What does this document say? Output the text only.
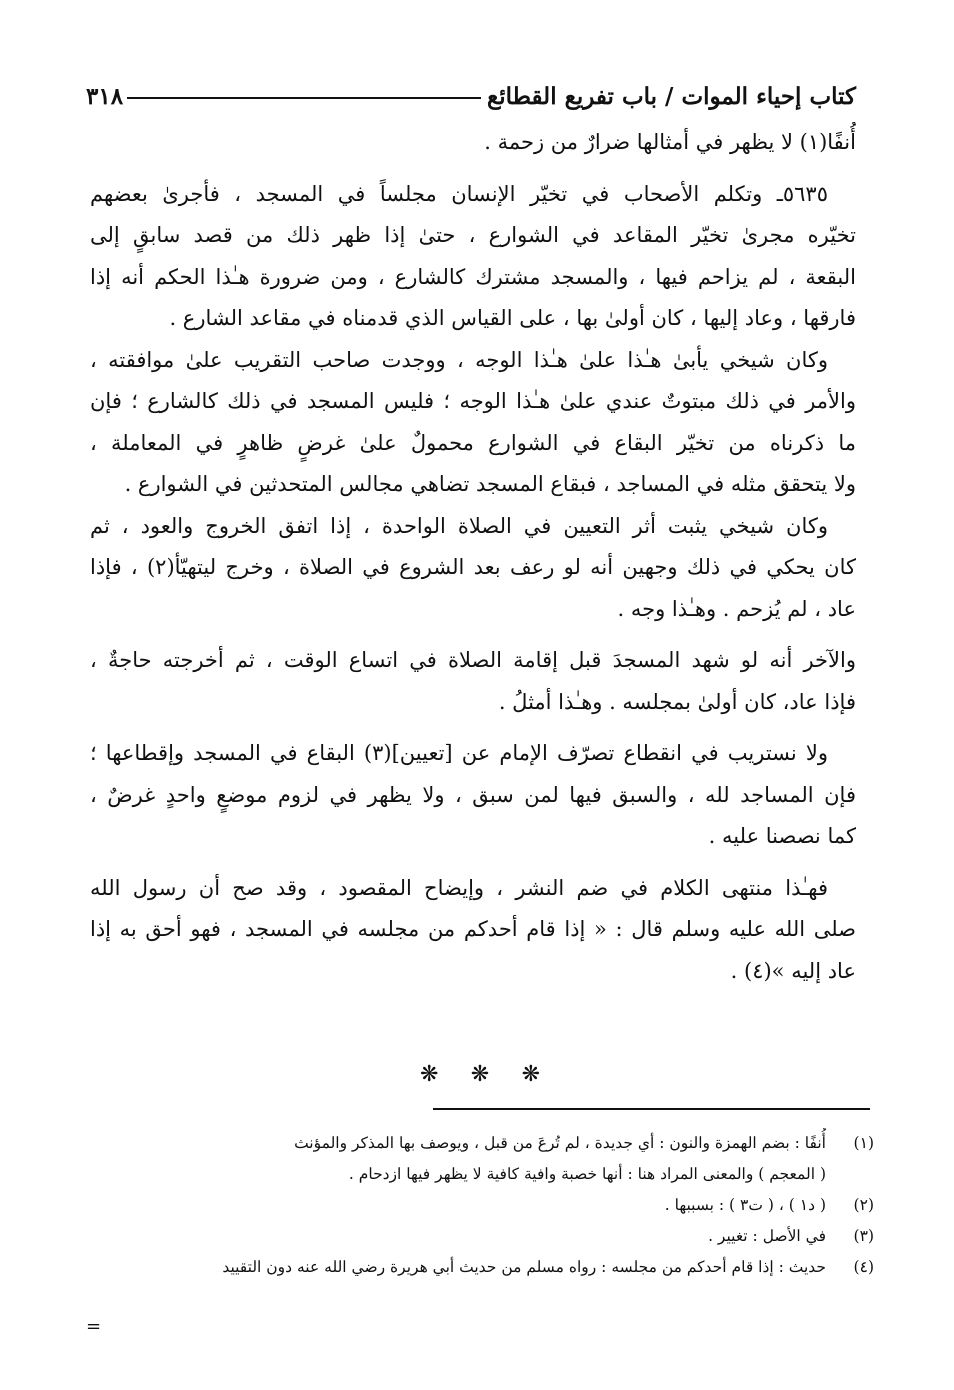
كتاب إحياء الموات / باب تفريع القطائع
٣١٨
أُنفًا(١) لا يظهر في أمثالها ضرارٌ من زحمة .
٥٦٣٥ـ وتكلم الأصحاب في تخيّر الإنسان مجلساً في المسجد ، فأجرىٰ بعضهم
تخيّره مجرىٰ تخيّر المقاعد في الشوارع ، حتىٰ إذا ظهر ذلك من قصد سابقٍ إلى
البقعة ، لم يزاحم فيها ، والمسجد مشترك كالشارع ، ومن ضرورة هـٰذا الحكم أنه إذا
فارقها ، وعاد إليها ، كان أولىٰ بها ، على القياس الذي قدمناه في مقاعد الشارع .
وكان شيخي يأبىٰ هـٰذا علىٰ هـٰذا الوجه ، ووجدت صاحب التقريب علىٰ موافقته ،
والأمر في ذلك مبتوتٌ عندي علىٰ هـٰذا الوجه ؛ فليس المسجد في ذلك كالشارع ؛ فإن
ما ذكرناه من تخيّر البقاع في الشوارع محمولٌ علىٰ غرضٍ ظاهرٍ في المعاملة ،
ولا يتحقق مثله في المساجد ، فبقاع المسجد تضاهي مجالس المتحدثين في الشوارع .
وكان شيخي يثبت أثر التعيين في الصلاة الواحدة ، إذا اتفق الخروج والعود ، ثم
كان يحكي في ذلك وجهين أنه لو رعف بعد الشروع في الصلاة ، وخرج ليتهيّأ(٢) ، فإذا
عاد ، لم يُزحم . وهـٰذا وجه .
والآخر أنه لو شهد المسجدَ قبل إقامة الصلاة في اتساع الوقت ، ثم أخرجته حاجةٌ ،
فإذا عاد، كان أولىٰ بمجلسه . وهـٰذا أمثلُ .
ولا نستريب في انقطاع تصرّف الإمام عن [تعيين](٣) البقاع في المسجد وإقطاعها ؛
فإن المساجد لله ، والسبق فيها لمن سبق ، ولا يظهر في لزوم موضعٍ واحدٍ غرضٌ ،
كما نصصنا عليه .
فهـٰذا منتهى الكلام في ضم النشر ، وإيضاح المقصود ، وقد صح أن رسول الله
صلى الله عليه وسلم قال : « إذا قام أحدكم من مجلسه في المسجد ، فهو أحق به إذا
عاد إليه »(٤) .
❋ ❋ ❋
(١)
أُنفًا : بضم الهمزة والنون : أي جديدة ، لم تُرعَ من قبل ، ويوصف بها المذكر والمؤنث
( المعجم ) والمعنى المراد هنا : أنها خصبة وافية كافية لا يظهر فيها ازدحام .
(٢)
( د١ ) ، ( ت٣ ) : بسببها .
(٣)
في الأصل : تغيير .
(٤)
حديث : إذا قام أحدكم من مجلسه : رواه مسلم من حديث أبي هريرة رضي الله عنه دون التقييد
=
